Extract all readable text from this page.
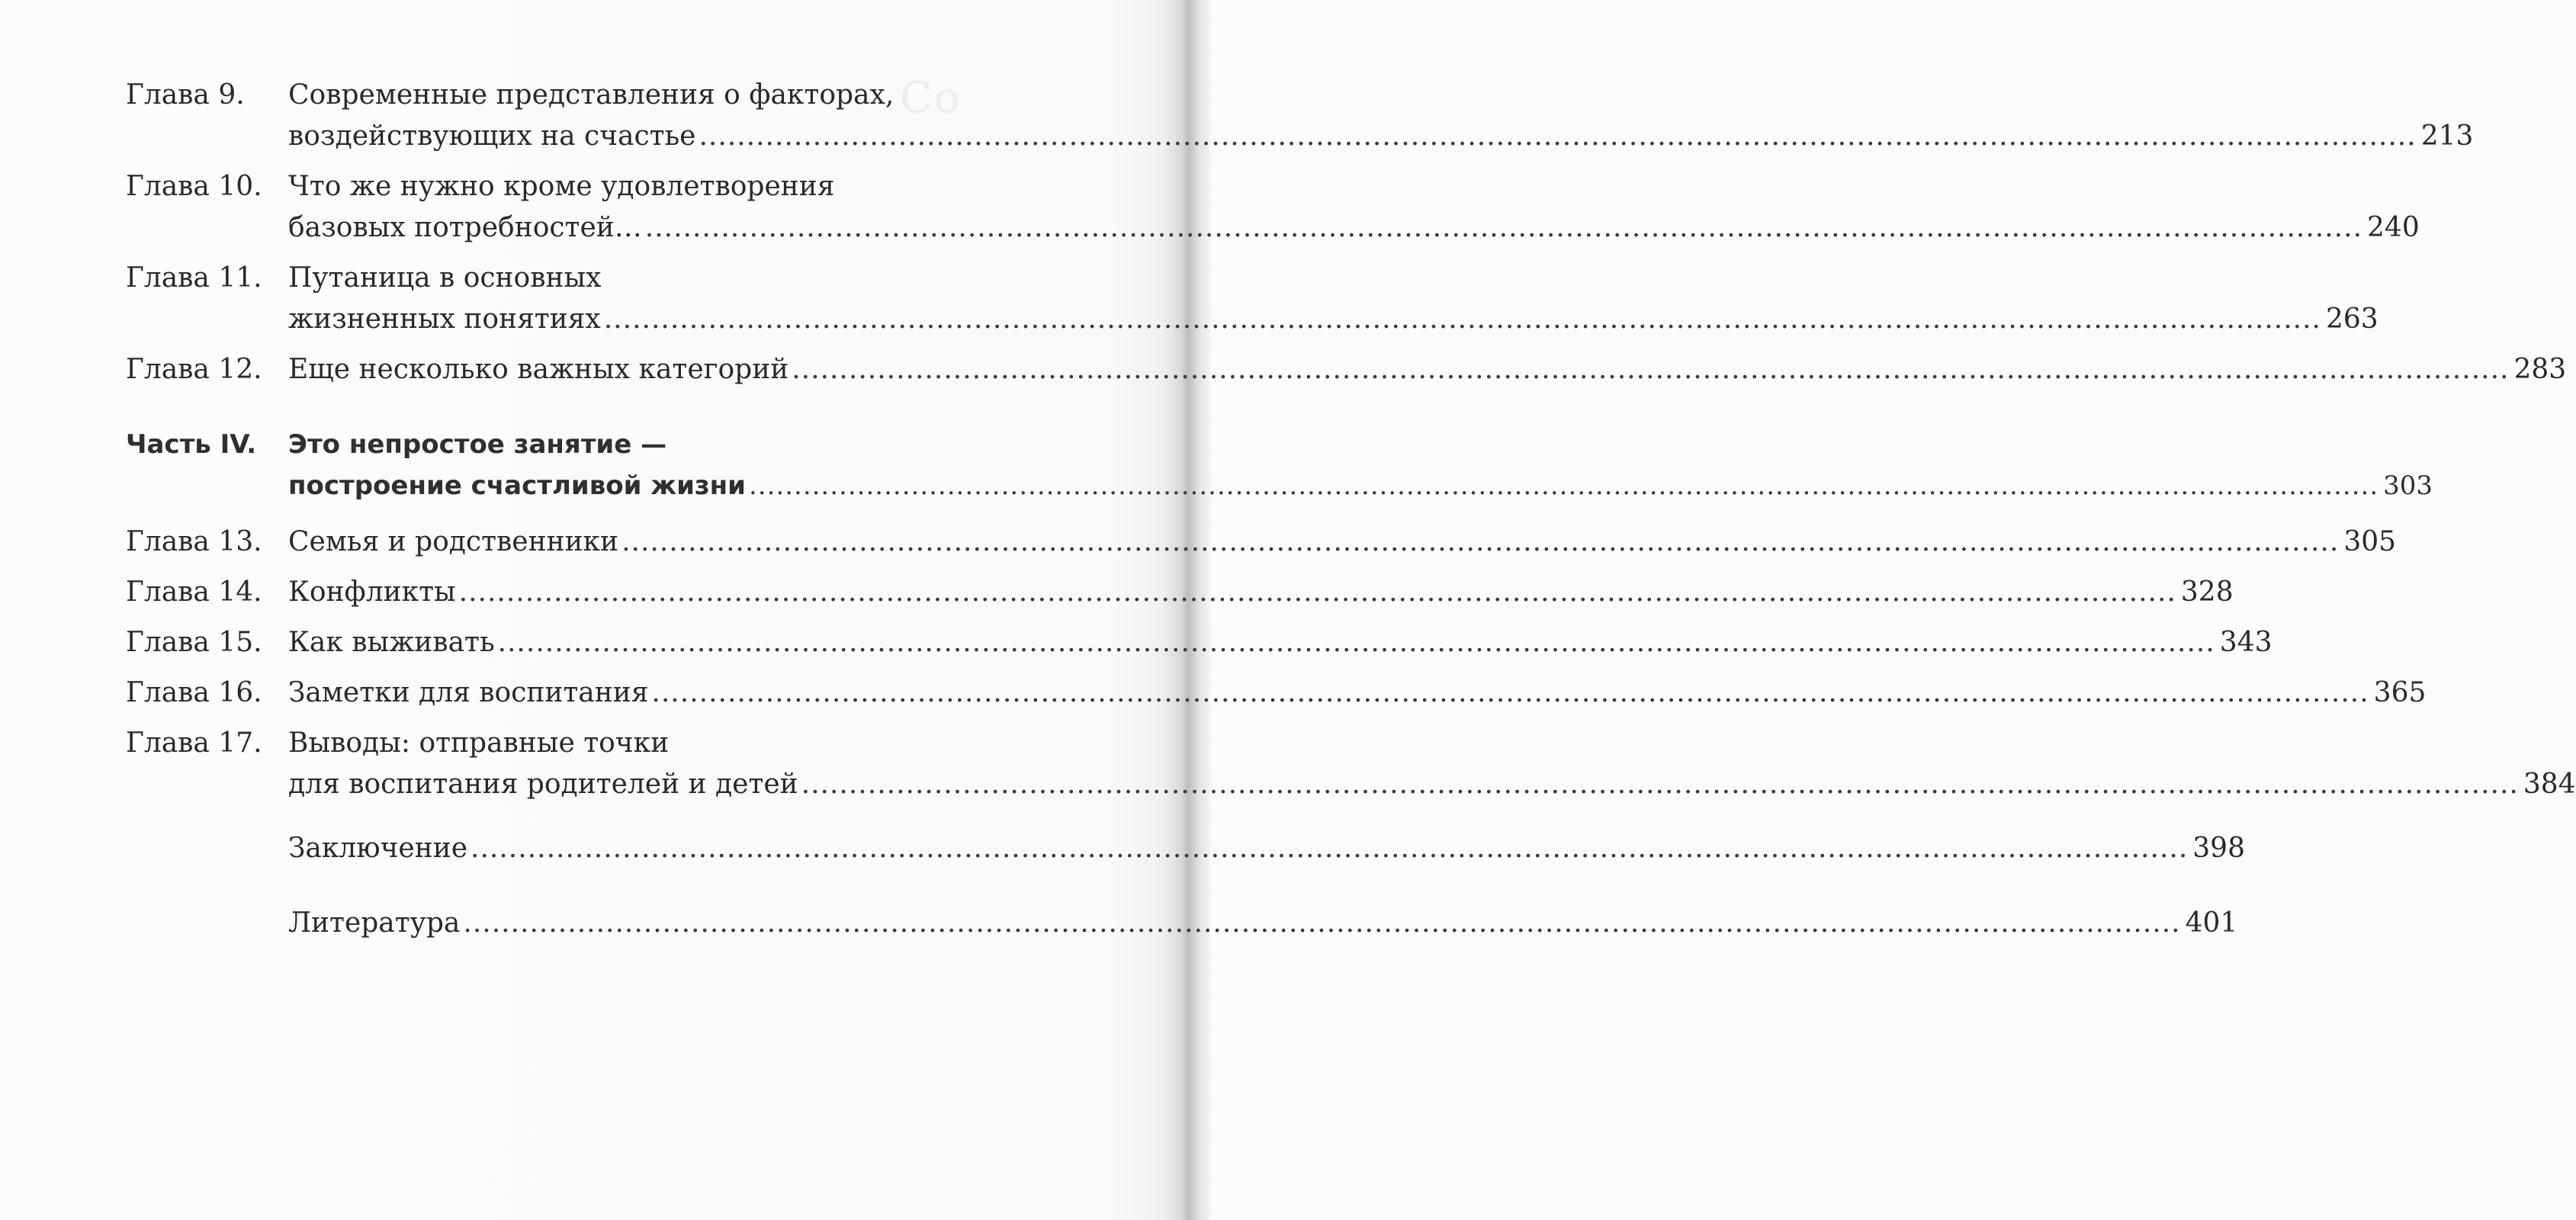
Со
Глава 9.	Современные представления о факторах,
воздействующих на счастье ..................................................................................................................................................................................... 213
Глава 10. Что же нужно кроме удовлетворения
базовых потребностей… ..................................................................................................................................................................................... 240
Глава 11. Путаница в основных
жизненных понятиях ..................................................................................................................................................................................... 263
Глава 12. Еще несколько важных категорий ..................................................................................................................................................................................... 283
Часть IV.	Это непростое занятие —
построение счастливой жизни ..................................................................................................................................................................................... 303
Глава 13. Семья и родственники ..................................................................................................................................................................................... 305
Глава 14. Конфликты ..................................................................................................................................................................................... 328
Глава 15. Как выживать ..................................................................................................................................................................................... 343
Глава 16. Заметки для воспитания ..................................................................................................................................................................................... 365
Глава 17. Выводы: отправные точки
для воспитания родителей и детей ..................................................................................................................................................................................... 384
Заключение ..................................................................................................................................................................................... 398
Литература ..................................................................................................................................................................................... 401
